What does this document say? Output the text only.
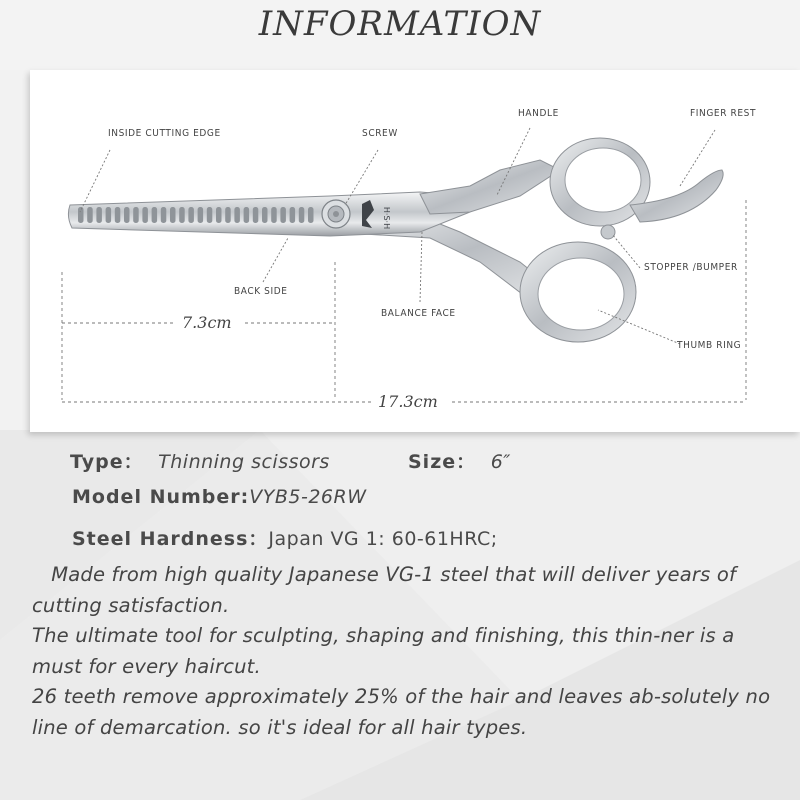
INFORMATION
H·S·H
INSIDE CUTTING EDGE	SCREW
HANDLE	FINGER REST
STOPPER /BUMPER
BACK SIDE
BALANCE FACE
THUMB RING
7.3cm
17.3cm
Type： Thinning scissors	Size： 6″
Model Number:VYB5-26RW
Steel Hardness：Japan VG 1: 60-61HRC;

Made from high quality Japanese VG-1 steel that will deliver years of cutting satisfaction.

The ultimate tool for sculpting, shaping and finishing, this thin-ner is a must for every haircut.

26 teeth remove approximately 25% of the hair and leaves ab-solutely no line of demarcation. so it's ideal for all hair types.
